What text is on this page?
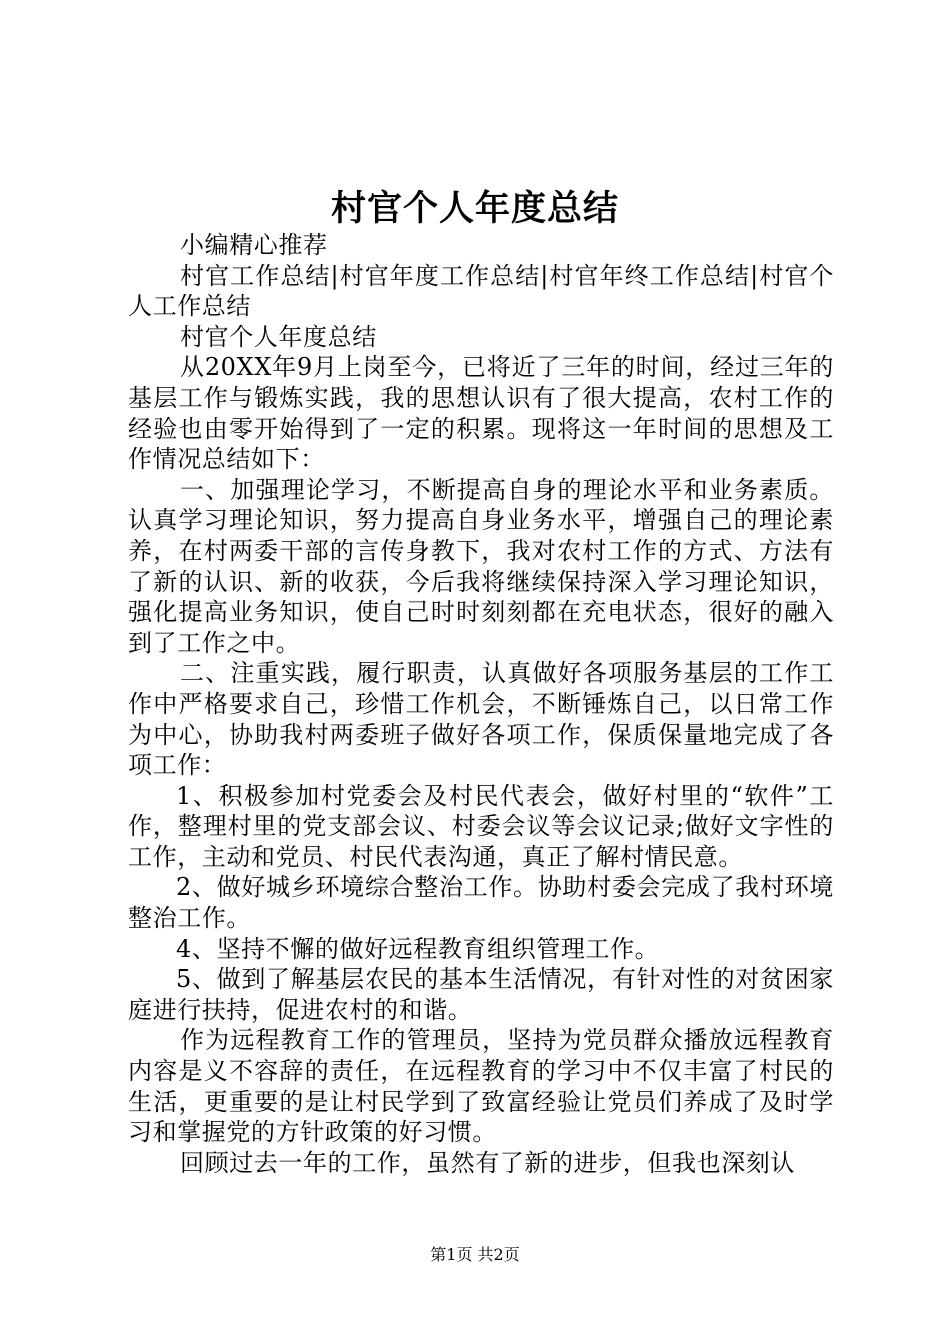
村官个人年度总结

小编精心推荐

村官工作总结|村官年度工作总结|村官年终工作总结|村官个人工作总结

村官个人年度总结

从20XX年9月上岗至今，已将近了三年的时间，经过三年的基层工作与锻炼实践，我的思想认识有了很大提高，农村工作的经验也由零开始得到了一定的积累。现将这一年时间的思想及工作情况总结如下：

一、加强理论学习，不断提高自身的理论水平和业务素质。认真学习理论知识，努力提高自身业务水平，增强自己的理论素养，在村两委干部的言传身教下，我对农村工作的方式、方法有了新的认识、新的收获，今后我将继续保持深入学习理论知识，强化提高业务知识，使自己时时刻刻都在充电状态，很好的融入到了工作之中。

二、注重实践，履行职责，认真做好各项服务基层的工作工作中严格要求自己，珍惜工作机会，不断锤炼自己，以日常工作为中心，协助我村两委班子做好各项工作，保质保量地完成了各项工作：

1、积极参加村党委会及村民代表会，做好村里的“软件”工作，整理村里的党支部会议、村委会议等会议记录;做好文字性的工作，主动和党员、村民代表沟通，真正了解村情民意。

2、做好城乡环境综合整治工作。协助村委会完成了我村环境整治工作。

4、坚持不懈的做好远程教育组织管理工作。

5、做到了解基层农民的基本生活情况，有针对性的对贫困家庭进行扶持，促进农村的和谐。

作为远程教育工作的管理员，坚持为党员群众播放远程教育内容是义不容辞的责任，在远程教育的学习中不仅丰富了村民的生活，更重要的是让村民学到了致富经验让党员们养成了及时学习和掌握党的方针政策的好习惯。

回顾过去一年的工作，虽然有了新的进步，但我也深刻认

第1页 共2页
